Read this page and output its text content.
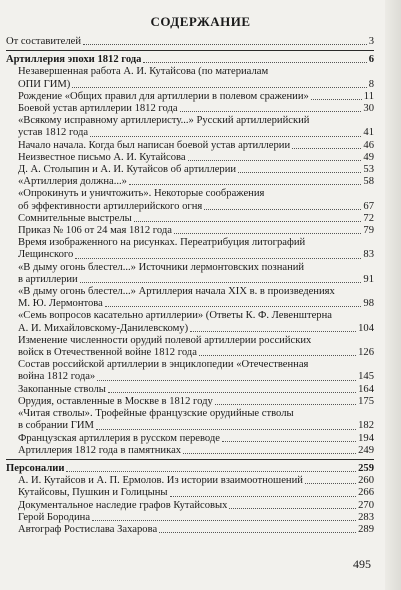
СОДЕРЖАНИЕ
От составителей	3
Артиллерия эпохи 1812 года	6
Незавершенная работа А. И. Кутайсова (по материалам
ОПИ ГИМ)	8
Рождение «Общих правил для артиллерии в полевом сражении»	11
Боевой устав артиллерии 1812 года	30
«Всякому исправному артиллеристу...» Русский артиллерийский
устав 1812 года	41
Начало начала. Когда был написан боевой устав артиллерии	46
Неизвестное письмо А. И. Кутайсова	49
Д. А. Столыпин и А. И. Кутайсов об артиллерии	53
«Артиллерия должна...»	58
«Опрокинуть и уничтожить». Некоторые соображения
об эффективности артиллерийского огня	67
Сомнительные выстрелы	72
Приказ № 106 от 24 мая 1812 года	79
Время изображенного на рисунках. Переатрибуция литографий
Лещинского	83
«В дыму огонь блестел...» Источники лермонтовских познаний
в артиллерии	91
«В дыму огонь блестел...» Артиллерия начала XIX в. в произведениях
М. Ю. Лермонтова	98
«Семь вопросов касательно артиллерии» (Ответы К. Ф. Левенштерна
А. И. Михайловскому-Данилевскому)	104
Изменение численности орудий полевой артиллерии российских
войск в Отечественной войне 1812 года	126
Состав российской артиллерии в энциклопедии «Отечественная
война 1812 года»	145
Закопанные стволы	164
Орудия, оставленные в Москве в 1812 году	175
«Читая стволы». Трофейные французские орудийные стволы
в собрании ГИМ	182
Французская артиллерия в русском переводе	194
Артиллерия 1812 года в памятниках	249
Персоналии	259
А. И. Кутайсов и А. П. Ермолов. Из истории взаимоотношений	260
Кутайсовы, Пушкин и Голицыны	266
Документальное наследие графов Кутайсовых	270
Герой Бородина	283
Автограф Ростислава Захарова	289
495
